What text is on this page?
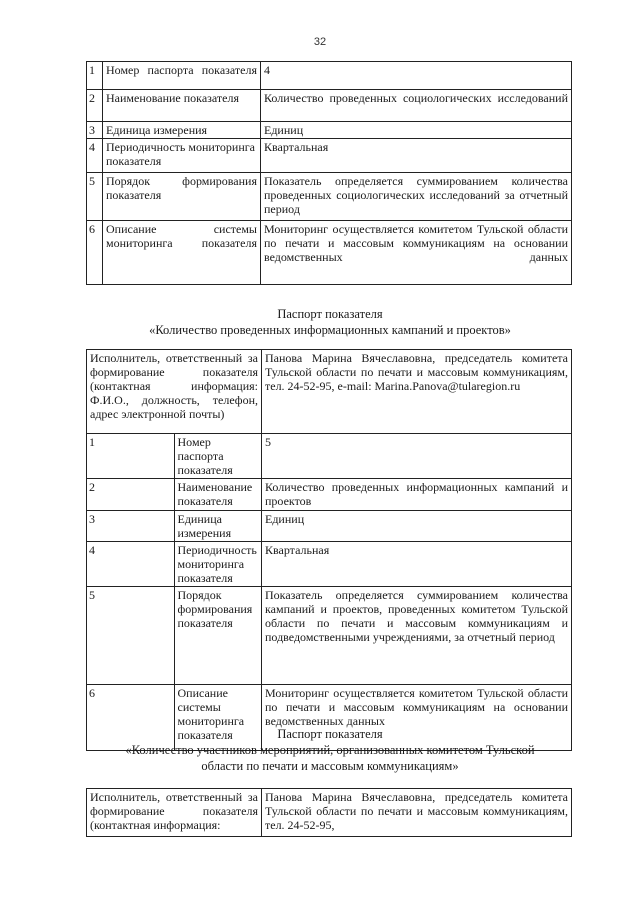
32
1	Номер паспорта показателя	4
2	Наименование показателя	Количество проведенных социологических исследований
3	Единица измерения	Единиц
4	Периодичность мониторинга показателя	Квартальная
5	Порядок формирования показателя	Показатель определяется суммированием количества проведенных социологических исследований за отчетный период
6	Описание системы мониторинга показателя	Мониторинг осуществляется комитетом Тульской области по печати и массовым коммуникациям на основании ведомственных данных
Паспорт показателя
«Количество проведенных информационных кампаний и проектов»
Исполнитель, ответственный за формирование показателя (контактная информация: Ф.И.О., должность, телефон, адрес электронной почты)		Панова Марина Вячеславовна, председатель комитета Тульской области по печати и массовым коммуникациям, тел. 24-52-95, e-mail: Marina.Panova@tularegion.ru
1	Номер паспорта показателя	5
2	Наименование показателя	Количество проведенных информационных кампаний и проектов
3	Единица измерения	Единиц
4	Периодичность мониторинга показателя	Квартальная
5	Порядок формирования показателя	Показатель определяется суммированием количества кампаний и проектов, проведенных комитетом Тульской области по печати и массовым коммуникациям и подведомственными учреждениями, за отчетный период
6	Описание системы мониторинга показателя	Мониторинг осуществляется комитетом Тульской области по печати и массовым коммуникациям на основании ведомственных данных
Паспорт показателя
«Количество участников мероприятий, организованных комитетом Тульской
области по печати и массовым коммуникациям»
Исполнитель, ответственный за формирование показателя (контактная информация:	Панова Марина Вячеславовна, председатель комитета Тульской области по печати и массовым коммуникациям, тел. 24-52-95,
